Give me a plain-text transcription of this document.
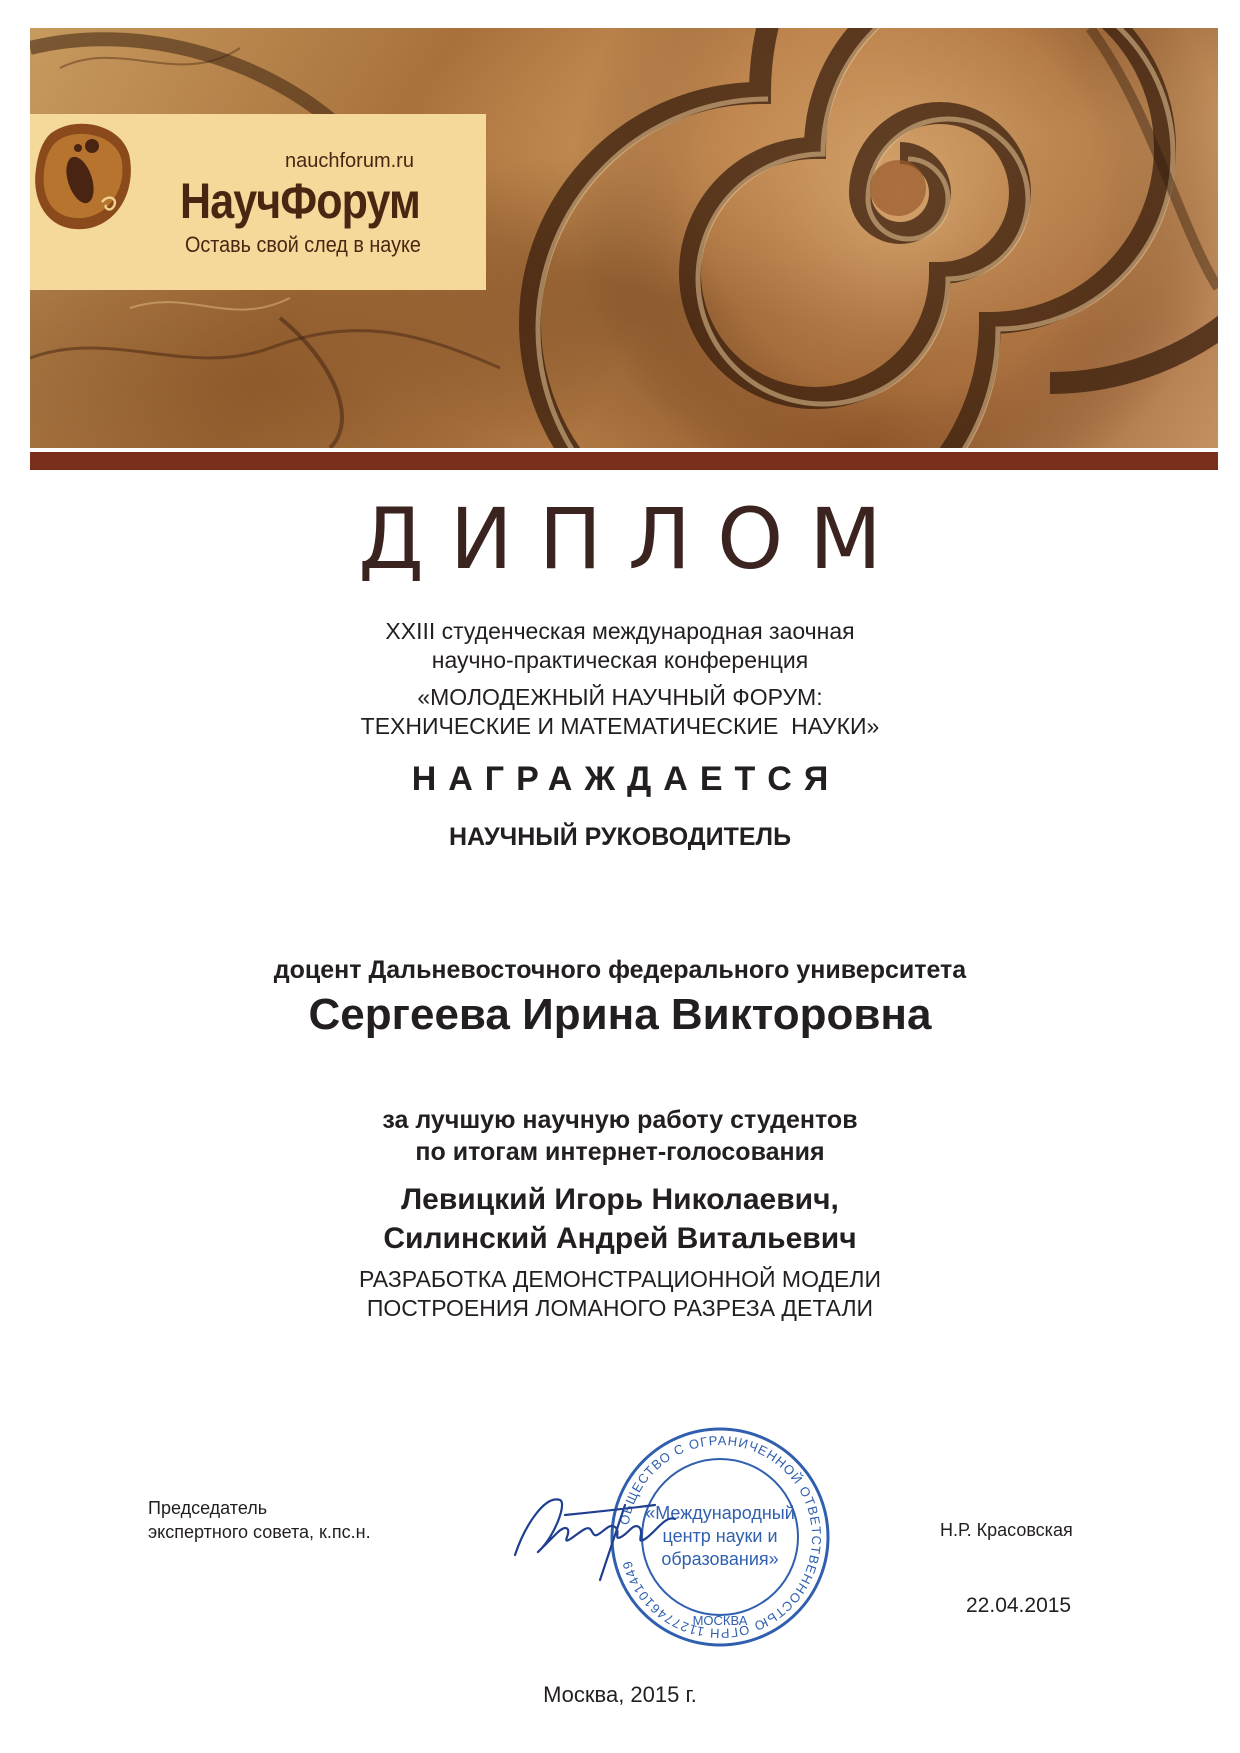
nauchforum.ru
НаучФорум
Оставь свой след в науке
ДИПЛОМ
XXIII студенческая международная заочная
научно-практическая конференция
«МОЛОДЕЖНЫЙ НАУЧНЫЙ ФОРУМ:
ТЕХНИЧЕСКИЕ И МАТЕМАТИЧЕСКИЕ  НАУКИ»
НАГРАЖДАЕТСЯ
НАУЧНЫЙ РУКОВОДИТЕЛЬ
доцент Дальневосточного федерального университета
Сергеева Ирина Викторовна
за лучшую научную работу студентов
по итогам интернет-голосования
Левицкий Игорь Николаевич,
Силинский Андрей Витальевич
РАЗРАБОТКА ДЕМОНСТРАЦИОННОЙ МОДЕЛИ
ПОСТРОЕНИЯ ЛОМАНОГО РАЗРЕЗА ДЕТАЛИ
Председатель
экспертного совета, к.пс.н.
ОБЩЕСТВО С ОГРАНИЧЕННОЙ ОТВЕТСТВЕННОСТЬЮ ОГРН 1127746101449
МОСКВА
«Международный
центр науки и
образования»
Н.Р. Красовская
22.04.2015
Москва, 2015 г.
